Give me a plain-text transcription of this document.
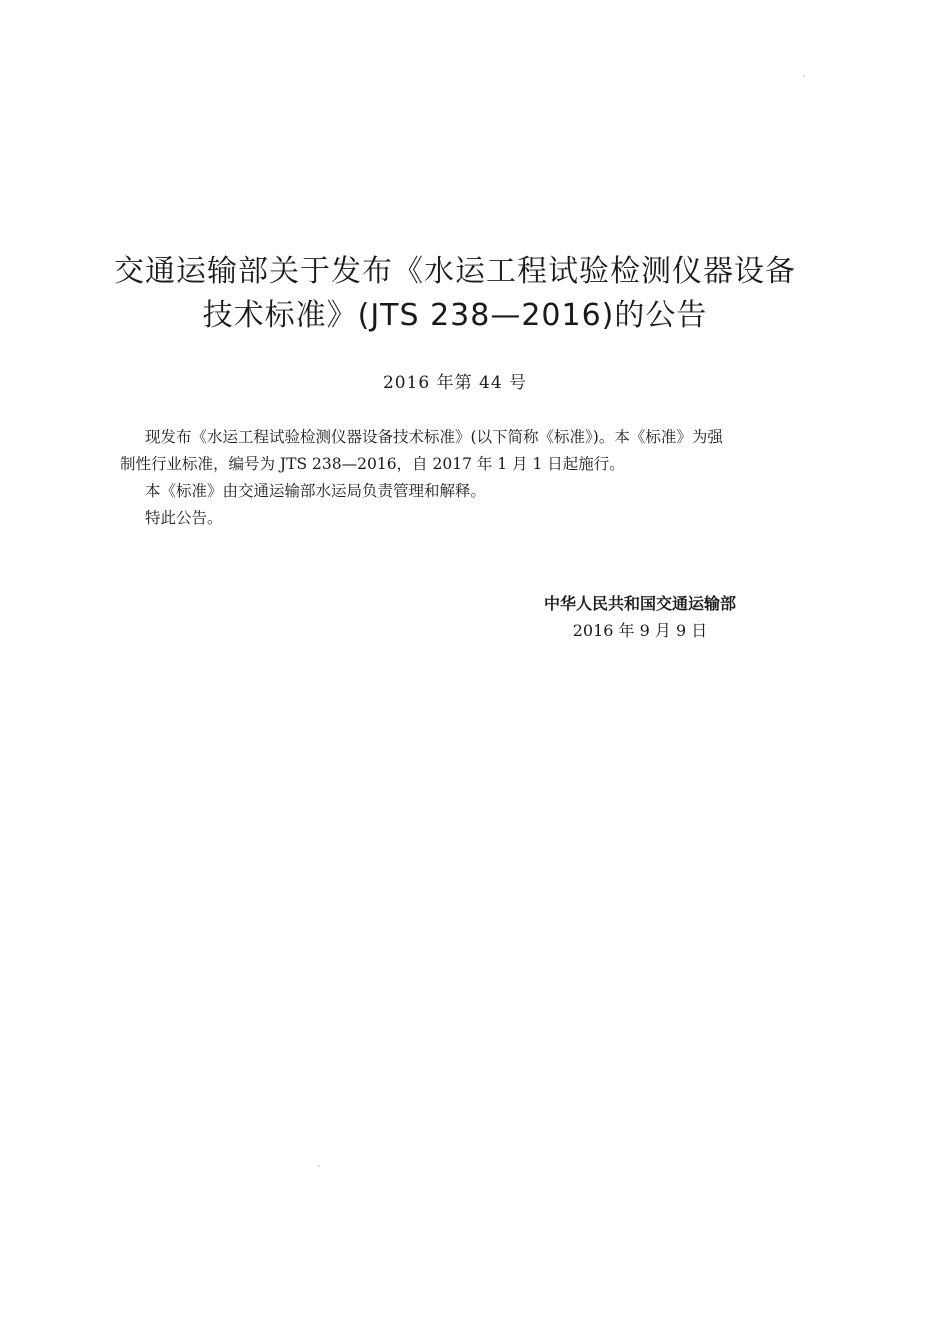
交通运输部关于发布《水运工程试验检测仪器设备
技术标准》(JTS 238—2016)的公告
2016 年第 44 号
现发布《水运工程试验检测仪器设备技术标准》(以下简称《标准》)。本《标准》为强
制性行业标准，编号为 JTS 238—2016，自 2017 年 1 月 1 日起施行。
本《标准》由交通运输部水运局负责管理和解释。
特此公告。
中华人民共和国交通运输部
2016 年 9 月 9 日
